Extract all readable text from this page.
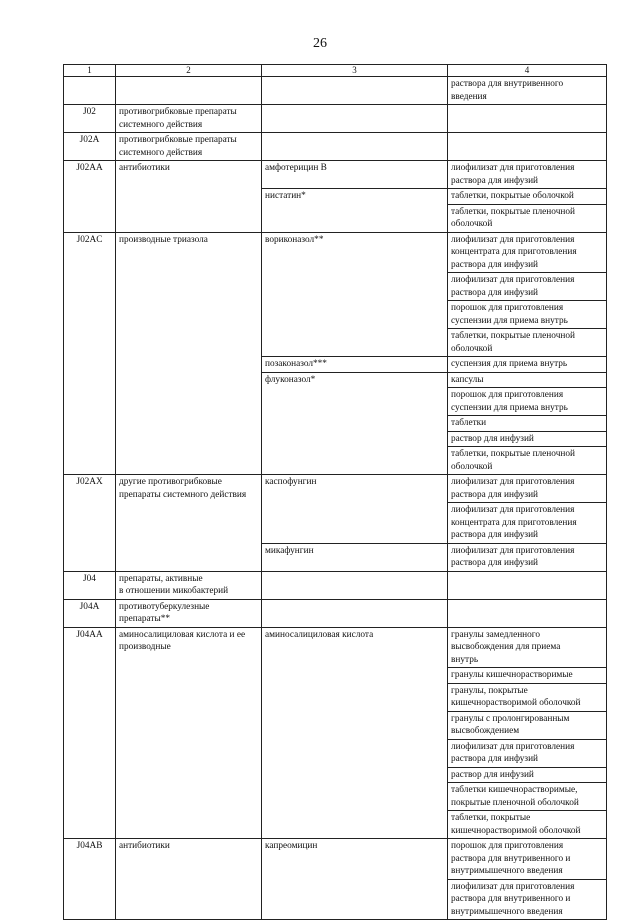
26
1	2	3	4
			раствора для внутривенного
введения
J02	противогрибковые препараты
системного действия		
J02A	противогрибковые препараты
системного действия		
J02AA	антибиотики	амфотерицин B	лиофилизат для приготовления
раствора для инфузий
		нистатин*	таблетки, покрытые оболочкой
			таблетки, покрытые пленочной
оболочкой
J02AC	производные триазола	вориконазол**	лиофилизат для приготовления
концентрата для приготовления
раствора для инфузий
			лиофилизат для приготовления
раствора для инфузий
			порошок для приготовления
суспензии для приема внутрь
			таблетки, покрытые пленочной
оболочкой
		позаконазол***	суспензия для приема внутрь
		флуконазол*	капсулы
			порошок для приготовления
суспензии для приема внутрь
			таблетки
			раствор для инфузий
			таблетки, покрытые пленочной
оболочкой
J02AX	другие противогрибковые
препараты системного действия	каспофунгин	лиофилизат для приготовления
раствора для инфузий
			лиофилизат для приготовления
концентрата для приготовления
раствора для инфузий
		микафунгин	лиофилизат для приготовления
раствора для инфузий
J04	препараты, активные
в отношении микобактерий		
J04A	противотуберкулезные
препараты**		
J04AA	аминосалициловая кислота и ее
производные	аминосалициловая кислота	гранулы замедленного
высвобождения для приема
внутрь
			гранулы кишечнорастворимые
			гранулы, покрытые
кишечнорастворимой оболочкой
			гранулы с пролонгированным
высвобождением
			лиофилизат для приготовления
раствора для инфузий
			раствор для инфузий
			таблетки кишечнорастворимые,
покрытые пленочной оболочкой
			таблетки, покрытые
кишечнорастворимой оболочкой
J04AB	антибиотики	капреомицин	порошок для приготовления
раствора для внутривенного и
внутримышечного введения
			лиофилизат для приготовления
раствора для внутривенного и
внутримышечного введения
